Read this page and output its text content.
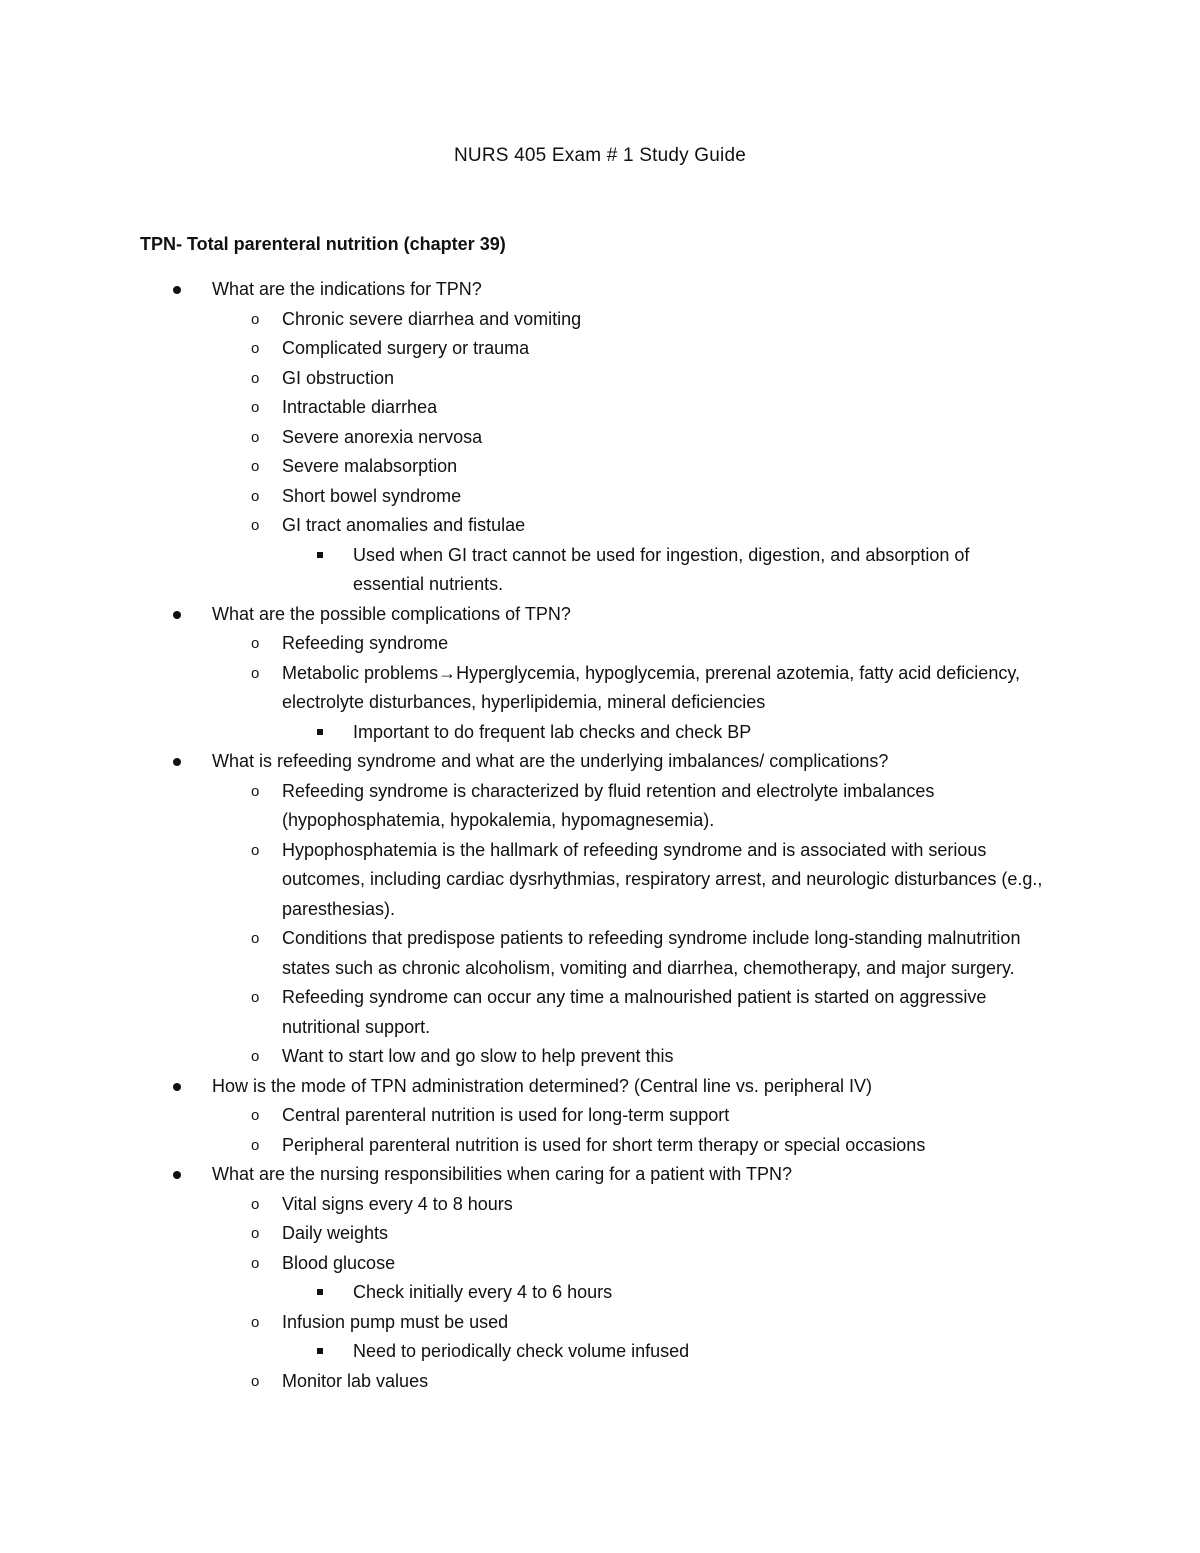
NURS 405 Exam # 1 Study Guide
TPN- Total parenteral nutrition (chapter 39)
What are the indications for TPN?
o Chronic severe diarrhea and vomiting
o Complicated surgery or trauma
o GI obstruction
o Intractable diarrhea
o Severe anorexia nervosa
o Severe malabsorption
o Short bowel syndrome
o GI tract anomalies and fistulae
Used when GI tract cannot be used for ingestion, digestion, and absorption of essential nutrients.
What are the possible complications of TPN?
o Refeeding syndrome
o Metabolic problems→Hyperglycemia, hypoglycemia, prerenal azotemia, fatty acid deficiency, electrolyte disturbances, hyperlipidemia, mineral deficiencies
Important to do frequent lab checks and check BP
What is refeeding syndrome and what are the underlying imbalances/ complications?
o Refeeding syndrome is characterized by fluid retention and electrolyte imbalances (hypophosphatemia, hypokalemia, hypomagnesemia).
o Hypophosphatemia is the hallmark of refeeding syndrome and is associated with serious outcomes, including cardiac dysrhythmias, respiratory arrest, and neurologic disturbances (e.g., paresthesias).
o Conditions that predispose patients to refeeding syndrome include long-standing malnutrition states such as chronic alcoholism, vomiting and diarrhea, chemotherapy, and major surgery.
o Refeeding syndrome can occur any time a malnourished patient is started on aggressive nutritional support.
o Want to start low and go slow to help prevent this
How is the mode of TPN administration determined? (Central line vs. peripheral IV)
o Central parenteral nutrition is used for long-term support
o Peripheral parenteral nutrition is used for short term therapy or special occasions
What are the nursing responsibilities when caring for a patient with TPN?
o Vital signs every 4 to 8 hours
o Daily weights
o Blood glucose
Check initially every 4 to 6 hours
o Infusion pump must be used
Need to periodically check volume infused
o Monitor lab values
